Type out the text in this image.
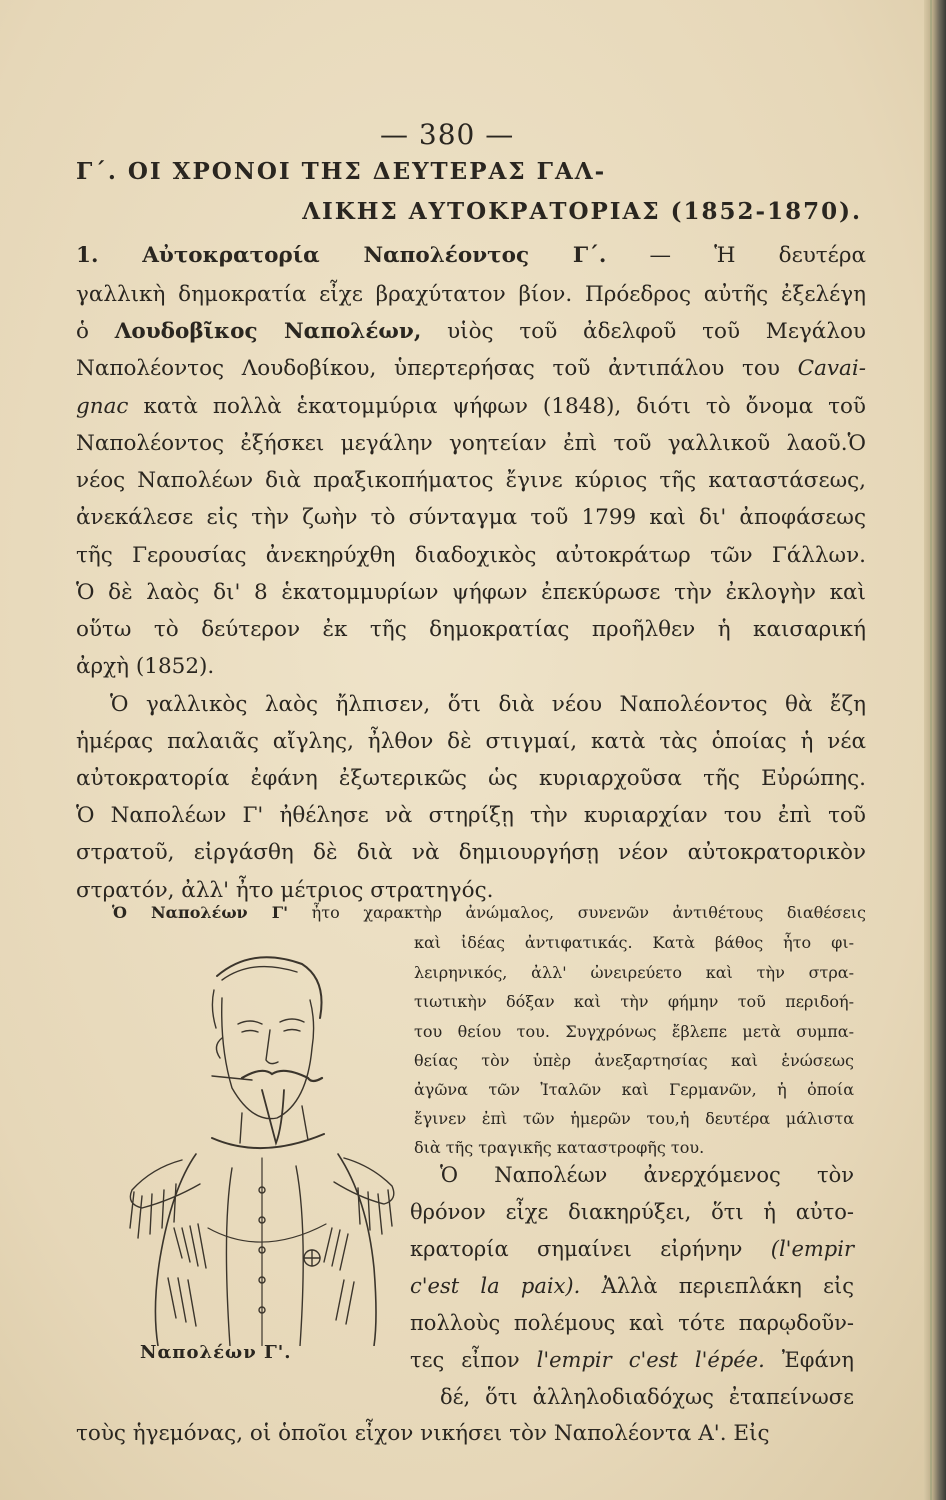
— 380 —
Γ΄. ΟΙ ΧΡΟΝΟΙ ΤΗΣ ΔΕΥΤΕΡΑΣ ΓΑΛ-
ΛΙΚΗΣ ΑΥΤΟΚΡΑΤΟΡΙΑΣ (1852-1870).
1. Αὐτοκρατορία Ναπολέοντος Γ΄. — Ἡ δευτέρα
γαλλικὴ δημοκρατία εἶχε βραχύτατον βίον. Πρόεδρος αὐτῆς ἐξελέγη
ὁ Λουδοβῖκος Ναπολέων, υἱὸς τοῦ ἀδελφοῦ τοῦ Μεγάλου
Ναπολέοντος Λουδοβίκου, ὑπερτερήσας τοῦ ἀντιπάλου του Cavai-
gnac κατὰ πολλὰ ἑκατομμύρια ψήφων (1848), διότι τὸ ὄνομα τοῦ
Ναπολέοντος ἐξήσκει μεγάλην γοητείαν ἐπὶ τοῦ γαλλικοῦ λαοῦ.Ὁ
νέος Ναπολέων διὰ πραξικοπήματος ἔγινε κύριος τῆς καταστάσεως,
ἀνεκάλεσε εἰς τὴν ζωὴν τὸ σύνταγμα τοῦ 1799 καὶ δι' ἀποφάσεως
τῆς Γερουσίας ἀνεκηρύχθη διαδοχικὸς αὐτοκράτωρ τῶν Γάλλων.
Ὁ δὲ λαὸς δι' 8 ἑκατομμυρίων ψήφων ἐπεκύρωσε τὴν ἐκλογὴν καὶ
οὕτω τὸ δεύτερον ἐκ τῆς δημοκρατίας προῆλθεν ἡ καισαρική
ἀρχὴ (1852).
Ὁ γαλλικὸς λαὸς ἤλπισεν, ὅτι διὰ νέου Ναπολέοντος θὰ ἔζη
ἡμέρας παλαιᾶς αἴγλης, ἦλθον δὲ στιγμαί, κατὰ τὰς ὁποίας ἡ νέα
αὐτοκρατορία ἐφάνη ἐξωτερικῶς ὡς κυριαρχοῦσα τῆς Εὐρώπης.
Ὁ Ναπολέων Γ' ἠθέλησε νὰ στηρίξῃ τὴν κυριαρχίαν του ἐπὶ τοῦ
στρατοῦ, εἰργάσθη δὲ διὰ νὰ δημιουργήσῃ νέον αὐτοκρατορικὸν
στρατόν, ἀλλ' ἦτο μέτριος στρατηγός.
Ὁ Ναπολέων Γ' ἦτο χαρακτὴρ ἀνώμαλος, συνενῶν ἀντιθέτους διαθέσεις
καὶ ἰδέας ἀντιφατικάς. Κατὰ βάθος ἦτο φι-
λειρηνικός, ἀλλ' ὠνειρεύετο καὶ τὴν στρα-
τιωτικὴν δόξαν καὶ τὴν φήμην τοῦ περιδοή-
του θείου του. Συγχρόνως ἔβλεπε μετὰ συμπα-
θείας τὸν ὑπὲρ ἀνεξαρτησίας καὶ ἑνώσεως
ἀγῶνα τῶν Ἰταλῶν καὶ Γερμανῶν, ἡ ὁποία
ἔγινεν ἐπὶ τῶν ἡμερῶν του,ἡ δευτέρα μάλιστα
διὰ τῆς τραγικῆς καταστροφῆς του.
Ὁ Ναπολέων ἀνερχόμενος τὸν
θρόνον εἶχε διακηρύξει, ὅτι ἡ αὐτο-
κρατορία σημαίνει εἰρήνην (l'empir
c'est la paix). Ἀλλὰ περιεπλάκη εἰς
πολλοὺς πολέμους καὶ τότε παρῳδοῦν-
τες εἶπον l'empir c'est l'épée. Ἐφάνη
δέ, ὅτι ἀλληλοδιαδόχως ἐταπείνωσε
τοὺς ἡγεμόνας, οἱ ὁποῖοι εἶχον νικήσει τὸν Ναπολέοντα Α'. Εἰς
Ναπολέων Γ'.
